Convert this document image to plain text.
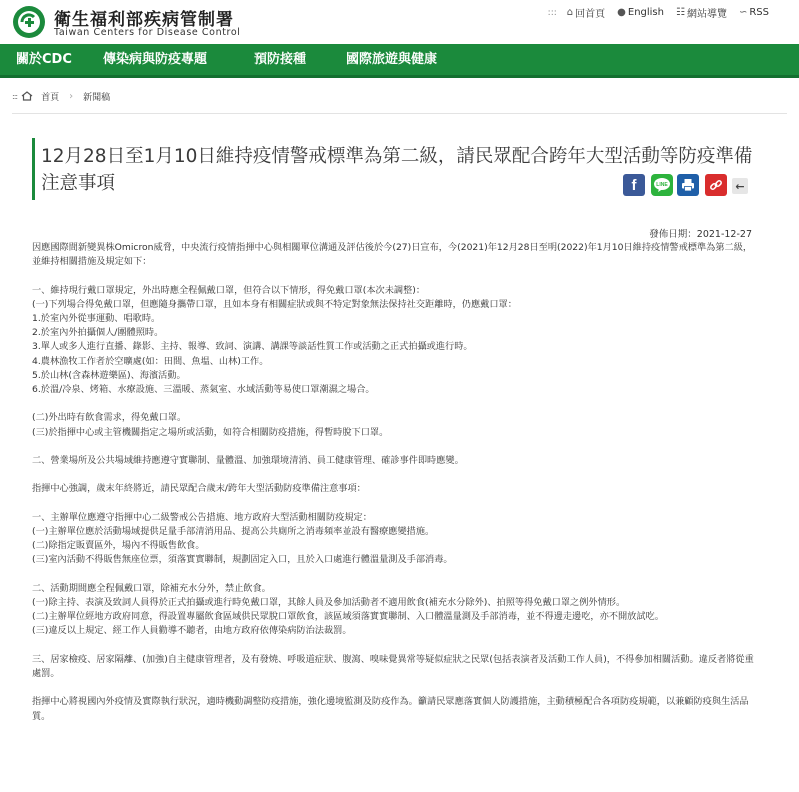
衛生福利部疾病管制署
Taiwan Centers for Disease Control
::: ⌂ 回首頁 ● English ☷ 網站導覽 ∽ RSS
關於CDC 傳染病與防疫專題	預防接種	國際旅遊與健康
:::	首頁 › 新聞稿
12月28日至1月10日維持疫情警戒標準為第二級，請民眾配合跨年大型活動等防疫準備注意事項	f	LINE	←
發佈日期：2021-12-27

因應國際間新變異株Omicron威脅，中央流行疫情指揮中心與相關單位溝通及評估後於今(27)日宣布，今(2021)年12月28日至明(2022)年1月10日維持疫情警戒標準為第二級，並維持相關措施及規定如下：

一、維持現行戴口罩規定，外出時應全程佩戴口罩，但符合以下情形，得免戴口罩(本次未調整)：

(一)下列場合得免戴口罩，但應隨身攜帶口罩，且如本身有相關症狀或與不特定對象無法保持社交距離時，仍應戴口罩：

1.於室內外從事運動、唱歌時。

2.於室內外拍攝個人/團體照時。

3.單人或多人進行直播、錄影、主持、報導、致詞、演講、講課等談話性質工作或活動之正式拍攝或進行時。

4.農林漁牧工作者於空曠處(如：田間、魚塭、山林)工作。

5.於山林(含森林遊樂區)、海濱活動。

6.於溫/冷泉、烤箱、水療設施、三溫暖、蒸氣室、水域活動等易使口罩潮濕之場合。

(二)外出時有飲食需求，得免戴口罩。

(三)於指揮中心或主管機關指定之場所或活動，如符合相關防疫措施，得暫時脫下口罩。

二、營業場所及公共場域維持應遵守實聯制、量體溫、加強環境清消、員工健康管理、確診事件即時應變。

指揮中心強調，歲末年終將近，請民眾配合歲末/跨年大型活動防疫準備注意事項：

一、主辦單位應遵守指揮中心二級警戒公告措施、地方政府大型活動相關防疫規定：

(一)主辦單位應於活動場域提供足量手部清消用品、提高公共廁所之消毒頻率並設有醫療應變措施。

(二)除指定販賣區外，場內不得販售飲食。

(三)室內活動不得販售無座位票，須落實實聯制，規劃固定入口，且於入口處進行體溫量測及手部消毒。

二、活動期間應全程佩戴口罩，除補充水分外，禁止飲食。

(一)除主持、表演及致詞人員得於正式拍攝或進行時免戴口罩，其餘人員及參加活動者不適用飲食(補充水分除外)、拍照等得免戴口罩之例外情形。

(二)主辦單位經地方政府同意，得設置專屬飲食區域供民眾脫口罩飲食，該區域須落實實聯制、入口體溫量測及手部消毒，並不得邊走邊吃，亦不開放試吃。

(三)違反以上規定、經工作人員勸導不聽者，由地方政府依傳染病防治法裁罰。

三、居家檢疫、居家隔離、(加強)自主健康管理者，及有發燒、呼吸道症狀、腹瀉、嗅味覺異常等疑似症狀之民眾(包括表演者及活動工作人員)，不得參加相關活動。違反者將從重處罰。

指揮中心將視國內外疫情及實際執行狀況，適時機動調整防疫措施，強化邊境監測及防疫作為。籲請民眾應落實個人防護措施，主動積極配合各項防疫規範，以兼顧防疫與生活品質。
